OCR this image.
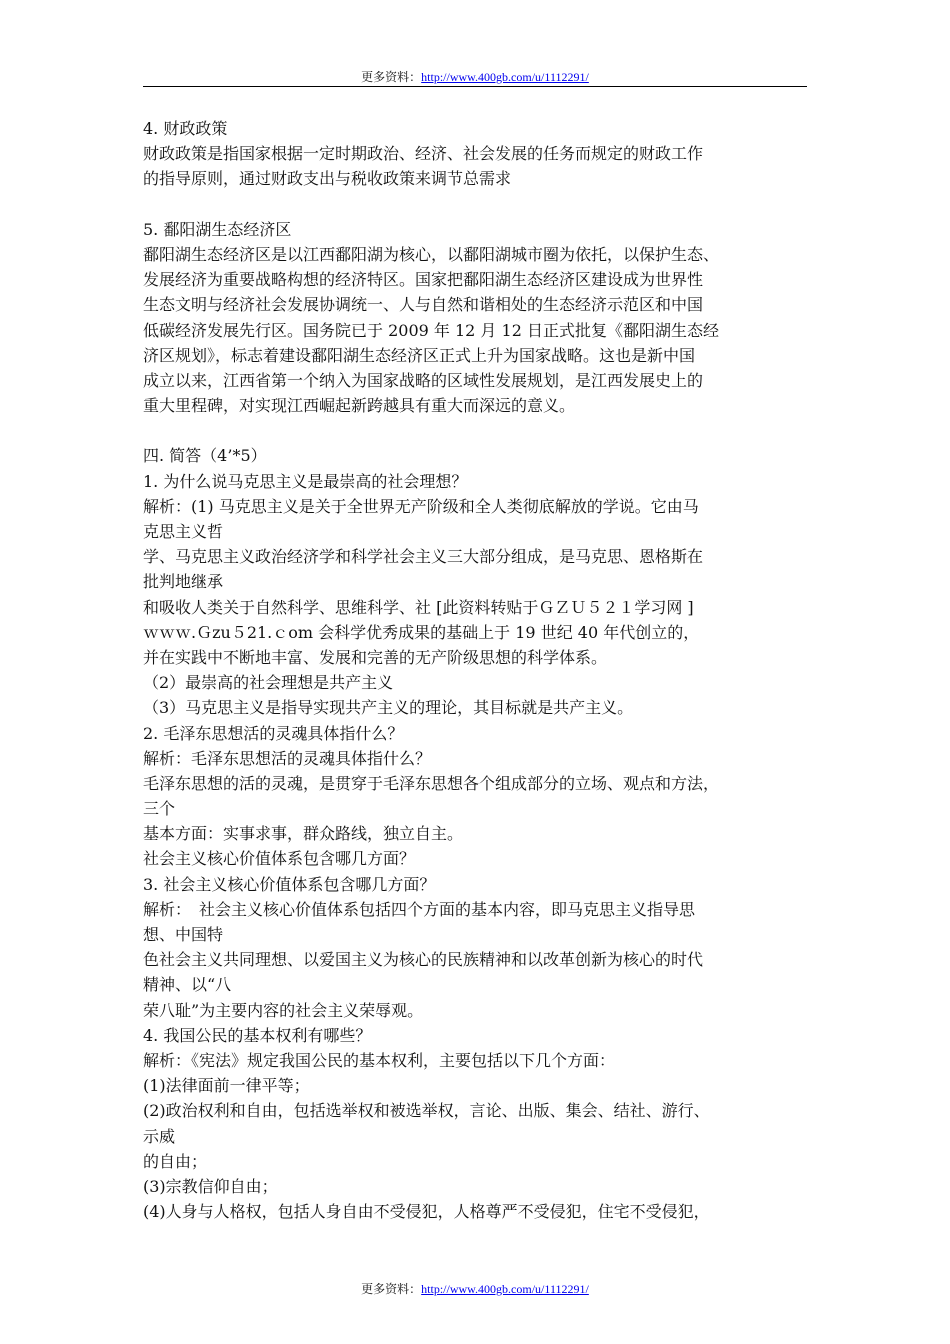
更多资料：http://www.400gb.com/u/1112291/
4. 财政政策
财政政策是指国家根据一定时期政治、经济、社会发展的任务而规定的财政工作
的指导原则，通过财政支出与税收政策来调节总需求
5. 鄱阳湖生态经济区
鄱阳湖生态经济区是以江西鄱阳湖为核心，以鄱阳湖城市圈为依托，以保护生态、
发展经济为重要战略构想的经济特区。国家把鄱阳湖生态经济区建设成为世界性
生态文明与经济社会发展协调统一、人与自然和谐相处的生态经济示范区和中国
低碳经济发展先行区。国务院已于 2009 年 12 月 12 日正式批复《鄱阳湖生态经
济区规划》，标志着建设鄱阳湖生态经济区正式上升为国家战略。这也是新中国
成立以来，江西省第一个纳入为国家战略的区域性发展规划，是江西发展史上的
重大里程碑，对实现江西崛起新跨越具有重大而深远的意义。
四. 简答（4’*5）
1. 为什么说马克思主义是最崇高的社会理想？
解析：(1) 马克思主义是关于全世界无产阶级和全人类彻底解放的学说。它由马
克思主义哲
学、马克思主义政治经济学和科学社会主义三大部分组成，是马克思、恩格斯在
批判地继承
和吸收人类关于自然科学、思维科学、社 [此资料转贴于ＧＺＵ５２１学习网 ]
ｗｗｗ.Ｇzu５21.ｃom 会科学优秀成果的基础上于 19 世纪 40 年代创立的，
并在实践中不断地丰富、发展和完善的无产阶级思想的科学体系。
（2）最崇高的社会理想是共产主义
（3）马克思主义是指导实现共产主义的理论，其目标就是共产主义。
2. 毛泽东思想活的灵魂具体指什么？
解析：毛泽东思想活的灵魂具体指什么？
毛泽东思想的活的灵魂，是贯穿于毛泽东思想各个组成部分的立场、观点和方法，
三个
基本方面：实事求事，群众路线，独立自主。
社会主义核心价值体系包含哪几方面？
3. 社会主义核心价值体系包含哪几方面？
解析：　社会主义核心价值体系包括四个方面的基本内容，即马克思主义指导思
想、中国特
色社会主义共同理想、以爱国主义为核心的民族精神和以改革创新为核心的时代
精神、以“八
荣八耻”为主要内容的社会主义荣辱观。
4. 我国公民的基本权利有哪些？
解析：《宪法》规定我国公民的基本权利，主要包括以下几个方面：
(1)法律面前一律平等；
(2)政治权利和自由，包括选举权和被选举权，言论、出版、集会、结社、游行、
示威
的自由；
(3)宗教信仰自由；
(4)人身与人格权，包括人身自由不受侵犯，人格尊严不受侵犯，住宅不受侵犯，
更多资料：http://www.400gb.com/u/1112291/
